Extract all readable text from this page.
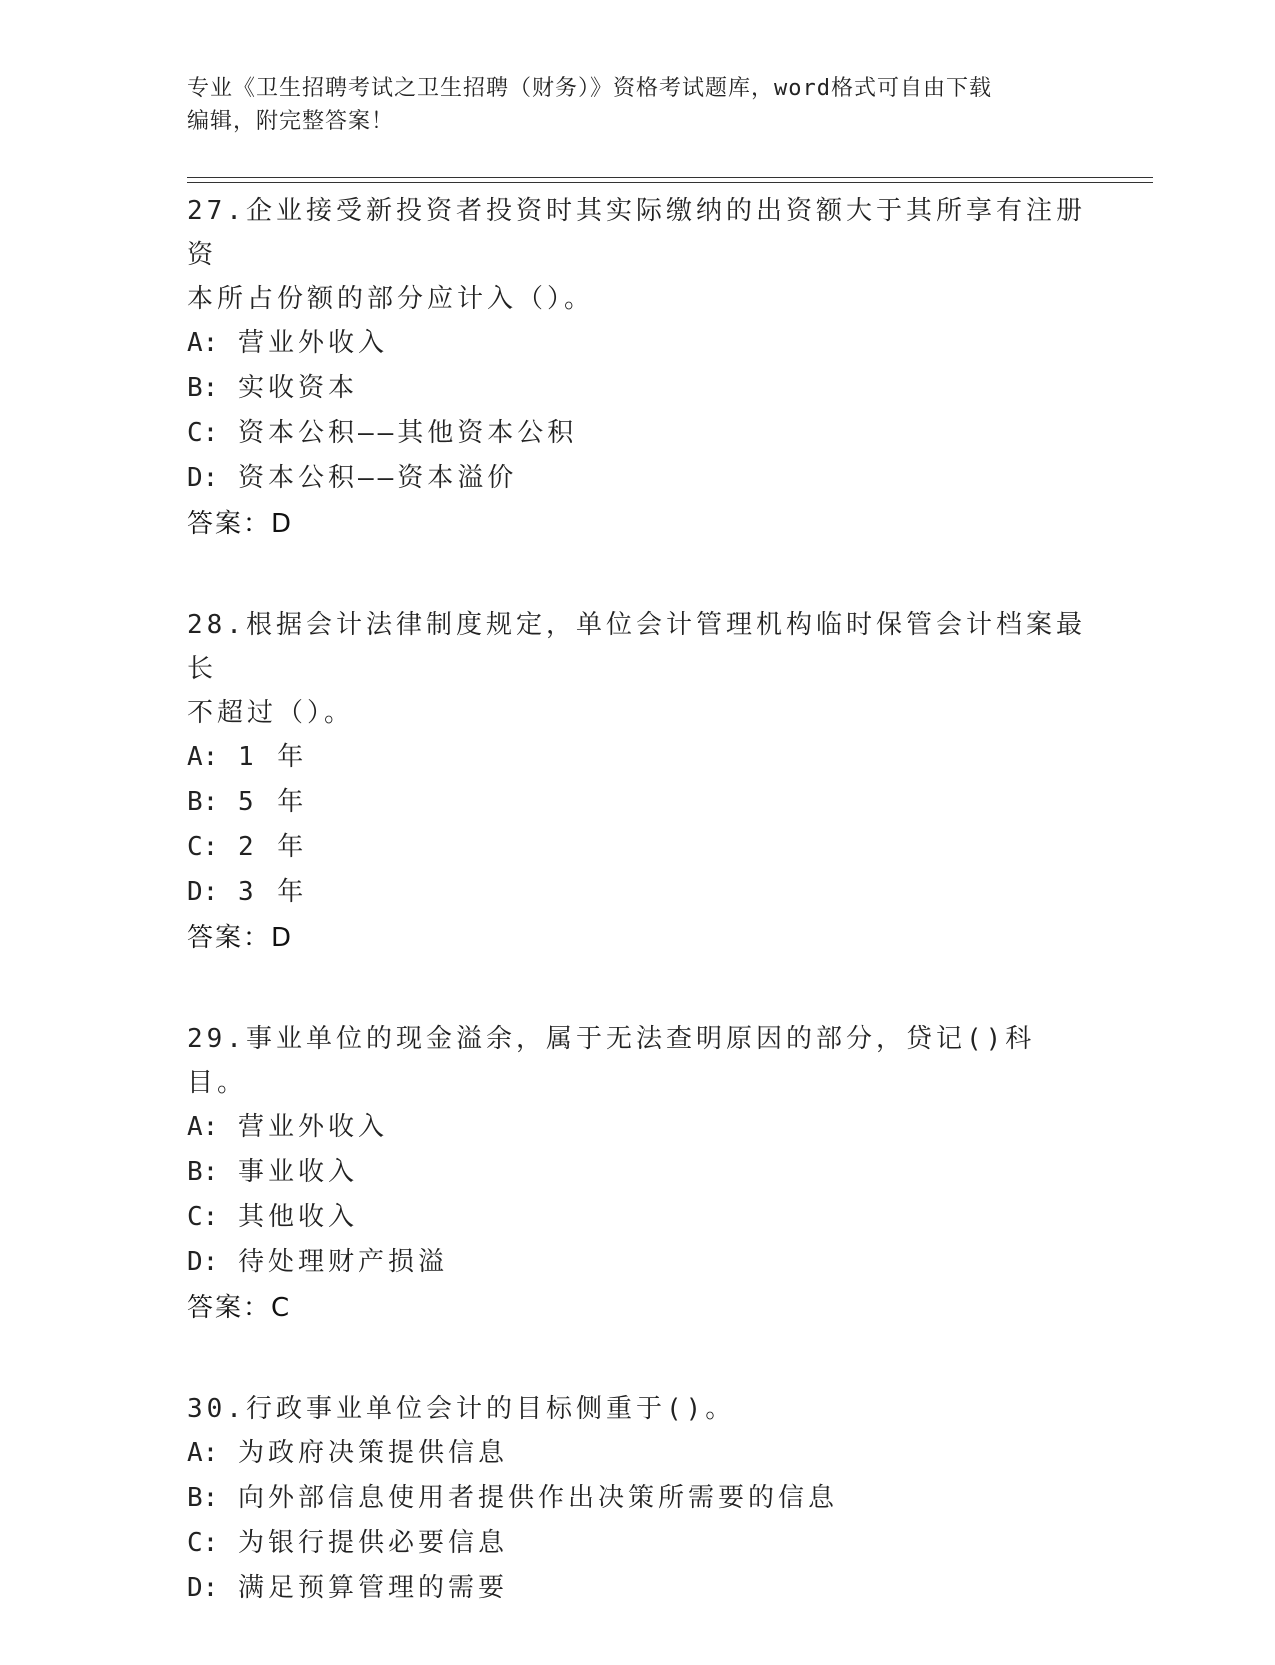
专业《卫生招聘考试之卫生招聘（财务）》资格考试题库，word格式可自由下载
编辑，附完整答案！

27.企业接受新投资者投资时其实际缴纳的出资额大于其所享有注册资
本所占份额的部分应计入（）。

A: 营业外收入

B: 实收资本

C: 资本公积——其他资本公积

D: 资本公积——资本溢价

答案：D

28.根据会计法律制度规定，单位会计管理机构临时保管会计档案最长
不超过（）。

A: 1 年

B: 5 年

C: 2 年

D: 3 年

答案：D

29.事业单位的现金溢余，属于无法查明原因的部分，贷记()科目。

A: 营业外收入

B: 事业收入

C: 其他收入

D: 待处理财产损溢

答案：C

30.行政事业单位会计的目标侧重于()。

A: 为政府决策提供信息

B: 向外部信息使用者提供作出决策所需要的信息

C: 为银行提供必要信息

D: 满足预算管理的需要
